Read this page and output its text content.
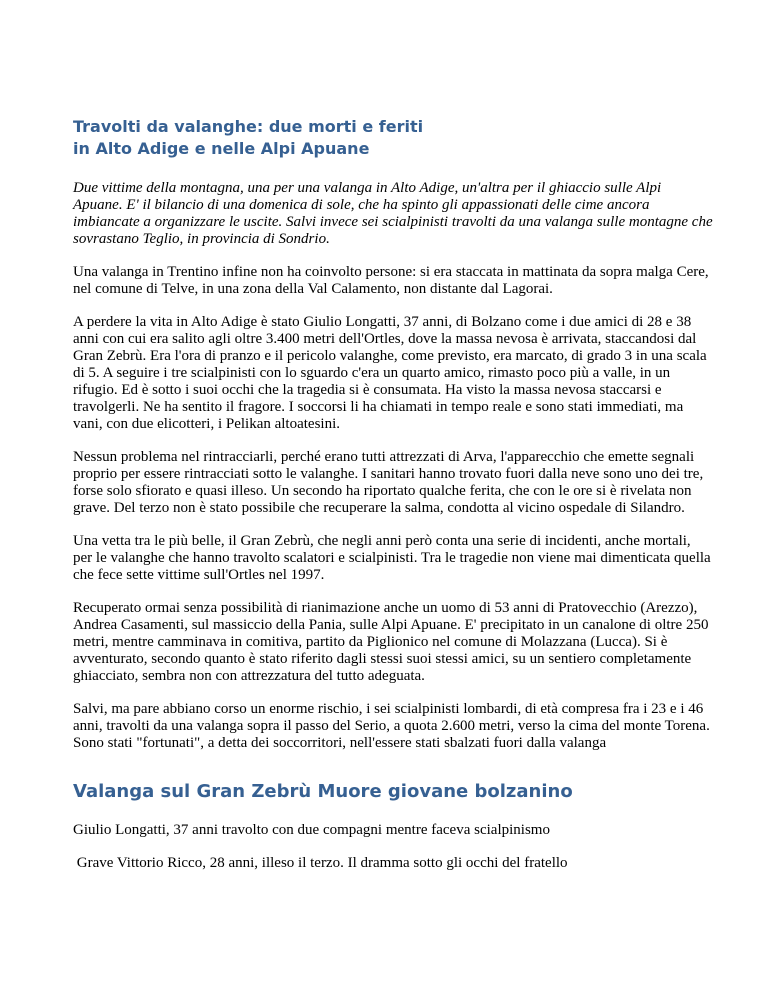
Travolti da valanghe: due morti e feriti
in Alto Adige e nelle Alpi Apuane

Due vittime della montagna, una per una valanga in Alto Adige, un'altra per il ghiaccio sulle Alpi Apuane. E' il bilancio di una domenica di sole, che ha spinto gli appassionati delle cime ancora imbiancate a organizzare le uscite. Salvi invece sei scialpinisti travolti da una valanga sulle montagne che sovrastano Teglio, in provincia di Sondrio.

Una valanga in Trentino infine non ha coinvolto persone: si era staccata in mattinata da sopra malga Cere, nel comune di Telve, in una zona della Val Calamento, non distante dal Lagorai.

A perdere la vita in Alto Adige è stato Giulio Longatti, 37 anni, di Bolzano come i due amici di 28 e 38 anni con cui era salito agli oltre 3.400 metri dell'Ortles, dove la massa nevosa è arrivata, staccandosi dal Gran Zebrù. Era l'ora di pranzo e il pericolo valanghe, come previsto, era marcato, di grado 3 in una scala di 5. A seguire i tre scialpinisti con lo sguardo c'era un quarto amico, rimasto poco più a valle, in un rifugio. Ed è sotto i suoi occhi che la tragedia si è consumata. Ha visto la massa nevosa staccarsi e travolgerli. Ne ha sentito il fragore. I soccorsi li ha chiamati in tempo reale e sono stati immediati, ma vani, con due elicotteri, i Pelikan altoatesini.

Nessun problema nel rintracciarli, perché erano tutti attrezzati di Arva, l'apparecchio che emette segnali proprio per essere rintracciati sotto le valanghe. I sanitari hanno trovato fuori dalla neve sono uno dei tre, forse solo sfiorato e quasi illeso. Un secondo ha riportato qualche ferita, che con le ore si è rivelata non grave. Del terzo non è stato possibile che recuperare la salma, condotta al vicino ospedale di Silandro.

Una vetta tra le più belle, il Gran Zebrù, che negli anni però conta una serie di incidenti, anche mortali, per le valanghe che hanno travolto scalatori e scialpinisti. Tra le tragedie non viene mai dimenticata quella che fece sette vittime sull'Ortles nel 1997.

Recuperato ormai senza possibilità di rianimazione anche un uomo di 53 anni di Pratovecchio (Arezzo), Andrea Casamenti, sul massiccio della Pania, sulle Alpi Apuane. E' precipitato in un canalone di oltre 250 metri, mentre camminava in comitiva, partito da Piglionico nel comune di Molazzana (Lucca). Si è avventurato, secondo quanto è stato riferito dagli stessi suoi stessi amici, su un sentiero completamente ghiacciato, sembra non con attrezzatura del tutto adeguata.

Salvi, ma pare abbiano corso un enorme rischio, i sei scialpinisti lombardi, di età compresa fra i 23 e i 46 anni, travolti da una valanga sopra il passo del Serio, a quota 2.600 metri, verso la cima del monte Torena. Sono stati "fortunati", a detta dei soccorritori, nell'essere stati sbalzati fuori dalla valanga

Valanga sul Gran Zebrù Muore giovane bolzanino

Giulio Longatti, 37 anni travolto con due compagni mentre faceva scialpinismo

Grave Vittorio Ricco, 28 anni, illeso il terzo. Il dramma sotto gli occhi del fratello
